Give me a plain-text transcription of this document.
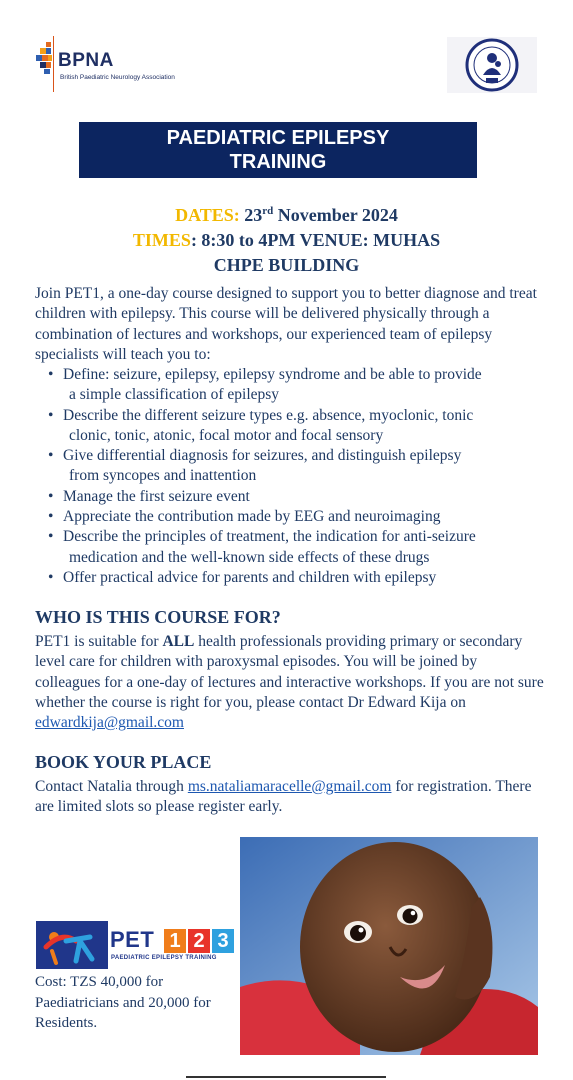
BPNA
British Paediatric Neurology Association
PAEDIATRIC EPILEPSY
TRAINING
DATES: 23rd November 2024
TIMES: 8:30 to 4PM VENUE: MUHAS
CHPE BUILDING

Join PET1, a one-day course designed to support you to better diagnose and treat children with epilepsy. This course will be delivered physically through a combination of lectures and workshops, our experienced team of epilepsy specialists will teach you to:

• Define: seizure, epilepsy, epilepsy syndrome and be able to provide
a simple classification of epilepsy
• Describe the different seizure types e.g. absence, myoclonic, tonic
clonic, tonic, atonic, focal motor and focal sensory
• Give differential diagnosis for seizures, and distinguish epilepsy
from syncopes and inattention
• Manage the first seizure event
• Appreciate the contribution made by EEG and neuroimaging
• Describe the principles of treatment, the indication for anti-seizure
medication and the well-known side effects of these drugs
• Offer practical advice for parents and children with epilepsy
WHO IS THIS COURSE FOR?

PET1 is suitable for ALL health professionals providing primary or secondary level care for children with paroxysmal episodes. You will be joined by colleagues for a one-day of lectures and interactive workshops. If you are not sure whether the course is right for you, please contact Dr Edward Kija on edwardkija@gmail.com

BOOK YOUR PLACE

Contact Natalia through ms.nataliamaracelle@gmail.com for registration. There are limited slots so please register early.

PET 1 2 3
PAEDIATRIC EPILEPSY TRAINING
Cost: TZS 40,000 for Paediatricians and 20,000 for Residents.
